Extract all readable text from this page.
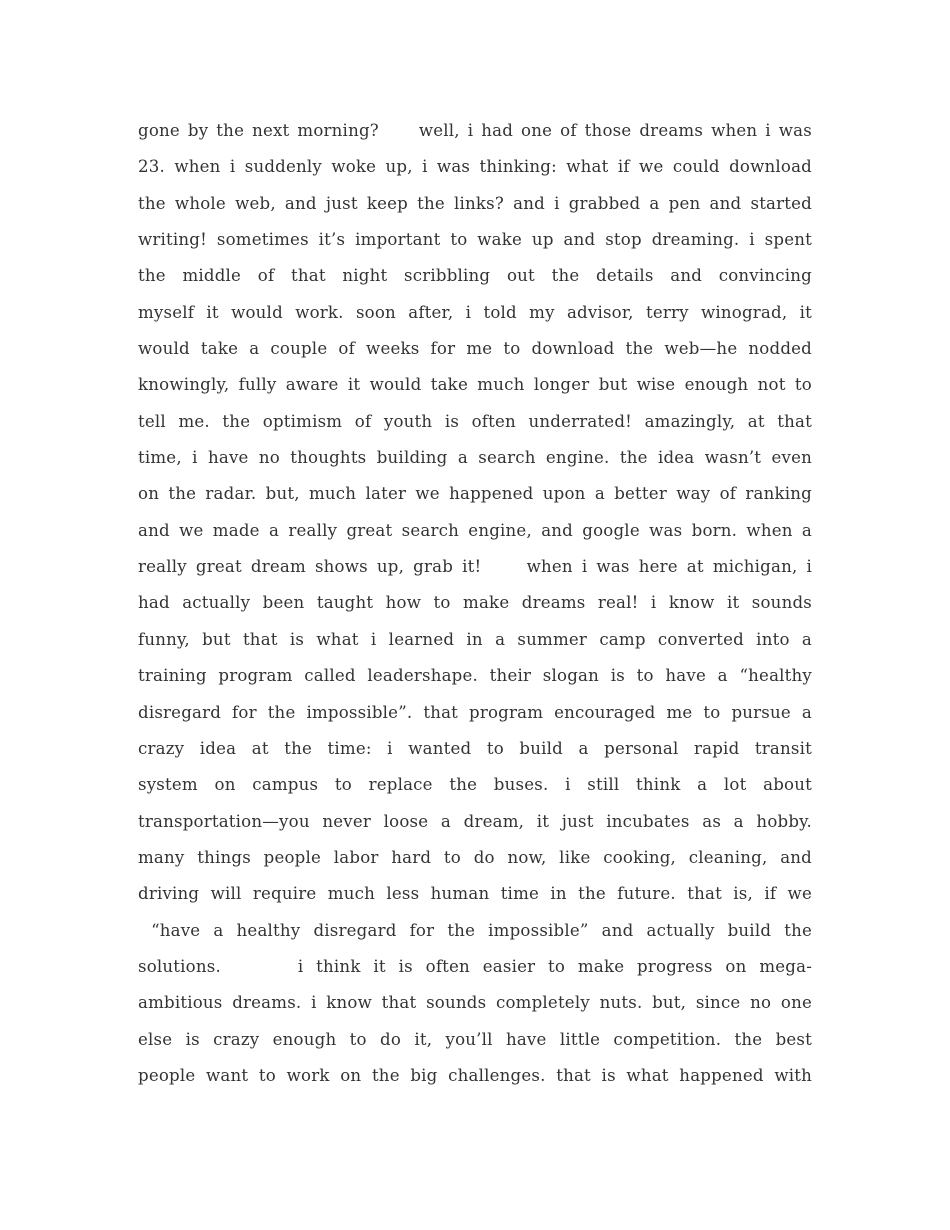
gone by the next morning?     well, i had one of those dreams when i was
23. when i suddenly woke up, i was thinking: what if we could download
the whole web, and just keep the links? and i grabbed a pen and started
writing! sometimes it’s important to wake up and stop dreaming. i spent
the middle of that night scribbling out the details and convincing
myself it would work. soon after, i told my advisor, terry winograd, it
would take a couple of weeks for me to download the web—he nodded
knowingly, fully aware it would take much longer but wise enough not to
tell me. the optimism of youth is often underrated! amazingly, at that
time, i have no thoughts building a search engine. the idea wasn’t even
on the radar. but, much later we happened upon a better way of ranking
and we made a really great search engine, and google was born. when a
really great dream shows up, grab it!     when i was here at michigan, i
had actually been taught how to make dreams real! i know it sounds
funny, but that is what i learned in a summer camp converted into a
training program called leadershape. their slogan is to have a “healthy
disregard for the impossible”. that program encouraged me to pursue a
crazy idea at the time: i wanted to build a personal rapid transit
system on campus to replace the buses. i still think a lot about
transportation—you never loose a dream, it just incubates as a hobby.
many things people labor hard to do now, like cooking, cleaning, and
driving will require much less human time in the future. that is, if we
“have a healthy disregard for the impossible” and actually build the
solutions.      i think it is often easier to make progress on mega-
ambitious dreams. i know that sounds completely nuts. but, since no one
else is crazy enough to do it, you’ll have little competition. the best
people want to work on the big challenges. that is what happened with
